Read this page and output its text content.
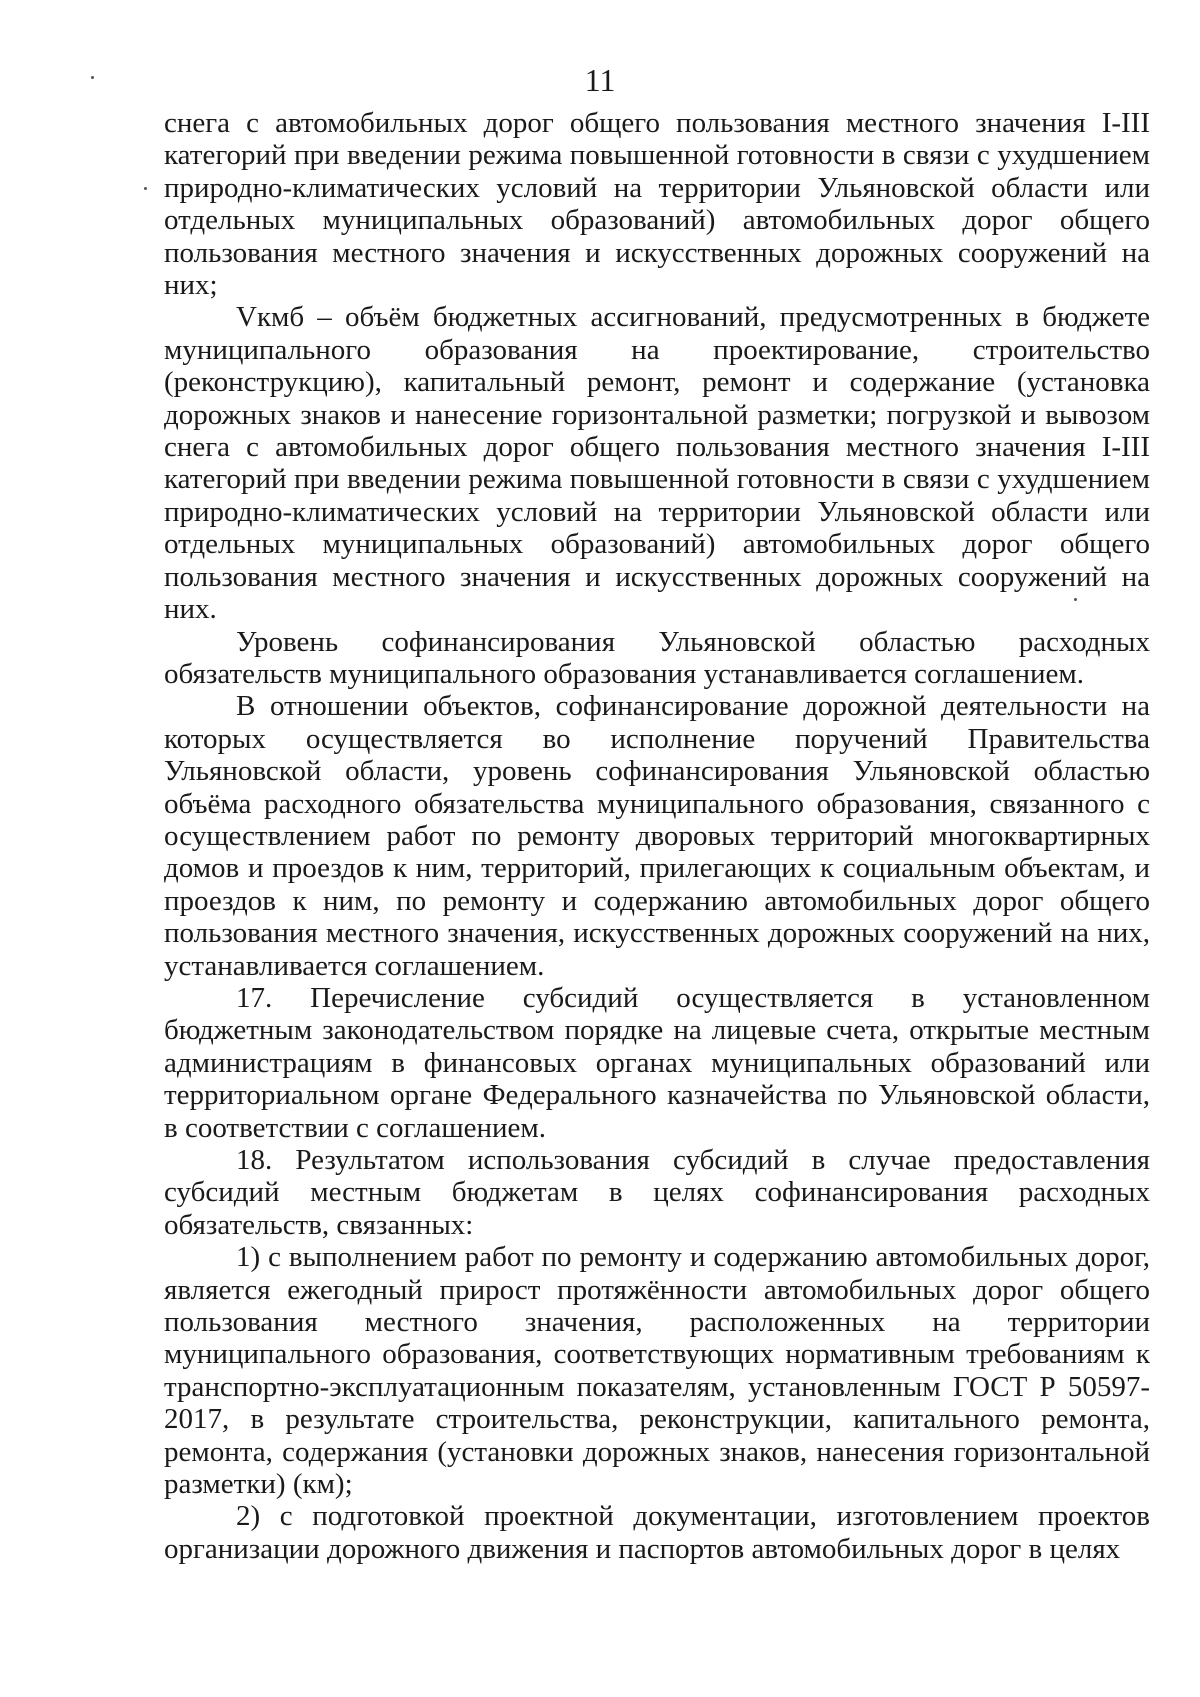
11

снега с автомобильных дорог общего пользования местного значения I-III категорий при введении режима повышенной готовности в связи с ухудшением природно-климатических условий на территории Ульяновской области или отдельных муниципальных образований) автомобильных дорог общего пользования местного значения и искусственных дорожных сооружений на них;

Vкмб – объём бюджетных ассигнований, предусмотренных в бюджете муниципального образования на проектирование, строительство (реконструкцию), капитальный ремонт, ремонт и содержание (установка дорожных знаков и нанесение горизонтальной разметки; погрузкой и вывозом снега с автомобильных дорог общего пользования местного значения I-III категорий при введении режима повышенной готовности в связи с ухудшением природно-климатических условий на территории Ульяновской области или отдельных муниципальных образований) автомобильных дорог общего пользования местного значения и искусственных дорожных сооружений на них.

Уровень софинансирования Ульяновской областью расходных обязательств муниципального образования устанавливается соглашением.

В отношении объектов, софинансирование дорожной деятельности на которых осуществляется во исполнение поручений Правительства Ульяновской области, уровень софинансирования Ульяновской областью объёма расходного обязательства муниципального образования, связанного с осуществлением работ по ремонту дворовых территорий многоквартирных домов и проездов к ним, территорий, прилегающих к социальным объектам, и проездов к ним, по ремонту и содержанию автомобильных дорог общего пользования местного значения, искусственных дорожных сооружений на них, устанавливается соглашением.

17. Перечисление субсидий осуществляется в установленном бюджетным законодательством порядке на лицевые счета, открытые местным администрациям в финансовых органах муниципальных образований или территориальном органе Федерального казначейства по Ульяновской области, в соответствии с соглашением.

18. Результатом использования субсидий в случае предоставления субсидий местным бюджетам в целях софинансирования расходных обязательств, связанных:

1) с выполнением работ по ремонту и содержанию автомобильных дорог, является ежегодный прирост протяжённости автомобильных дорог общего пользования местного значения, расположенных на территории муниципального образования, соответствующих нормативным требованиям к транспортно-эксплуатационным показателям, установленным ГОСТ Р 50597-2017, в результате строительства, реконструкции, капитального ремонта, ремонта, содержания (установки дорожных знаков, нанесения горизонтальной разметки) (км);

2) с подготовкой проектной документации, изготовлением проектов организации дорожного движения и паспортов автомобильных дорог в целях
